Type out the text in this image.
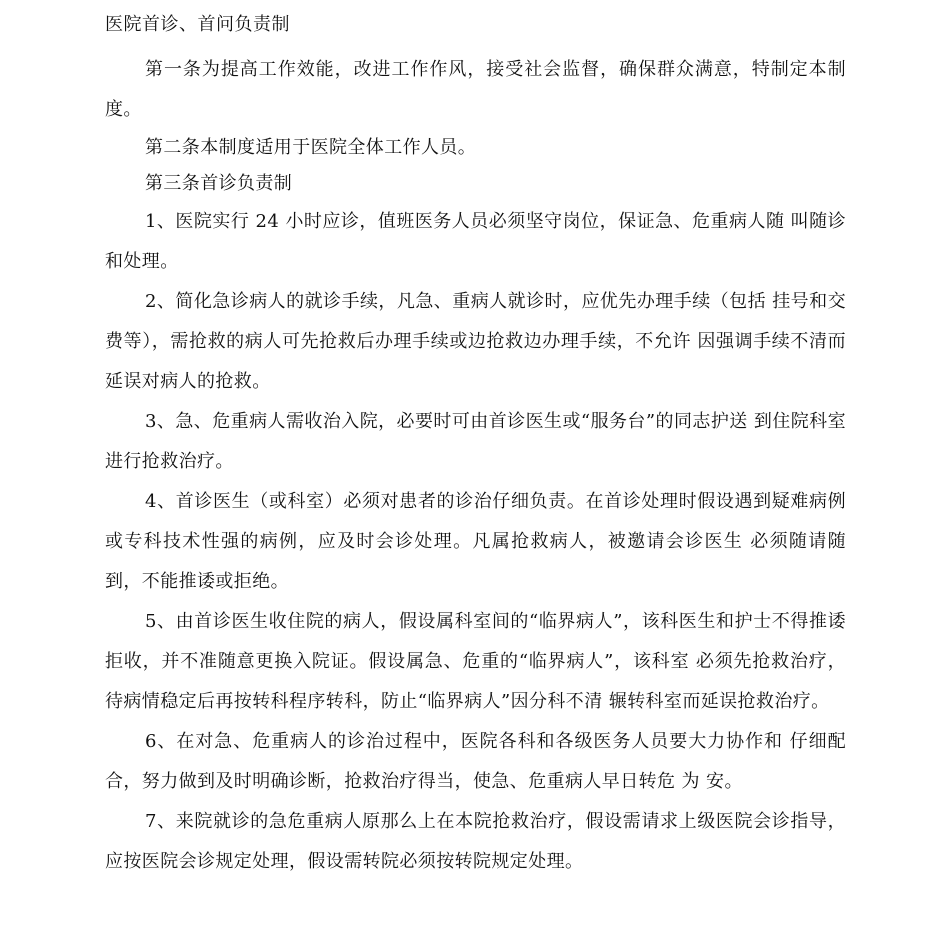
医院首诊、首问负责制

第一条为提高工作效能，改进工作作风，接受社会监督，确保群众满意，特制定本制度。

第二条本制度适用于医院全体工作人员。

第三条首诊负责制

1、医院实行 24 小时应诊，值班医务人员必须坚守岗位，保证急、危重病人随 叫随诊和处理。

2、简化急诊病人的就诊手续，凡急、重病人就诊时，应优先办理手续（包括 挂号和交费等），需抢救的病人可先抢救后办理手续或边抢救边办理手续，不允许 因强调手续不清而延误对病人的抢救。

3、急、危重病人需收治入院，必要时可由首诊医生或“服务台”的同志护送 到住院科室进行抢救治疗。

4、首诊医生（或科室）必须对患者的诊治仔细负责。在首诊处理时假设遇到疑难病例或专科技术性强的病例，应及时会诊处理。凡属抢救病人，被邀请会诊医生 必须随请随到，不能推诿或拒绝。

5、由首诊医生收住院的病人，假设属科室间的“临界病人”，该科医生和护士不得推诿拒收，并不准随意更换入院证。假设属急、危重的“临界病人”，该科室 必须先抢救治疗，待病情稳定后再按转科程序转科，防止“临界病人”因分科不清 辗转科室而延误抢救治疗。

6、在对急、危重病人的诊治过程中，医院各科和各级医务人员要大力协作和 仔细配合，努力做到及时明确诊断，抢救治疗得当，使急、危重病人早日转危 为 安。

7、来院就诊的急危重病人原那么上在本院抢救治疗，假设需请求上级医院会诊指导，应按医院会诊规定处理，假设需转院必须按转院规定处理。
